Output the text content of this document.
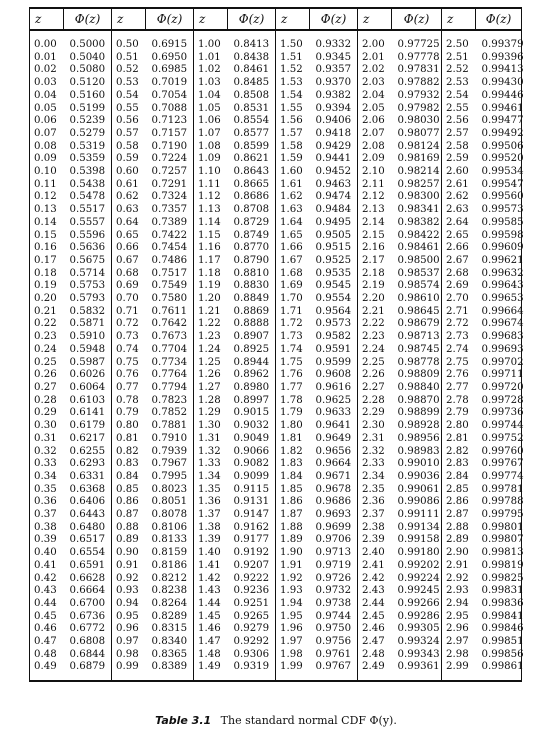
z	Φ(z)	z	Φ(z)	z	Φ(z)	z	Φ(z)	z	Φ(z)	z	Φ(z)
0.00	0.5000	0.50	0.6915	1.00	0.8413	1.50	0.9332	2.00	0.97725	2.50	0.99379
0.01	0.5040	0.51	0.6950	1.01	0.8438	1.51	0.9345	2.01	0.97778	2.51	0.99396
0.02	0.5080	0.52	0.6985	1.02	0.8461	1.52	0.9357	2.02	0.97831	2.52	0.99413
0.03	0.5120	0.53	0.7019	1.03	0.8485	1.53	0.9370	2.03	0.97882	2.53	0.99430
0.04	0.5160	0.54	0.7054	1.04	0.8508	1.54	0.9382	2.04	0.97932	2.54	0.99446
0.05	0.5199	0.55	0.7088	1.05	0.8531	1.55	0.9394	2.05	0.97982	2.55	0.99461
0.06	0.5239	0.56	0.7123	1.06	0.8554	1.56	0.9406	2.06	0.98030	2.56	0.99477
0.07	0.5279	0.57	0.7157	1.07	0.8577	1.57	0.9418	2.07	0.98077	2.57	0.99492
0.08	0.5319	0.58	0.7190	1.08	0.8599	1.58	0.9429	2.08	0.98124	2.58	0.99506
0.09	0.5359	0.59	0.7224	1.09	0.8621	1.59	0.9441	2.09	0.98169	2.59	0.99520
0.10	0.5398	0.60	0.7257	1.10	0.8643	1.60	0.9452	2.10	0.98214	2.60	0.99534
0.11	0.5438	0.61	0.7291	1.11	0.8665	1.61	0.9463	2.11	0.98257	2.61	0.99547
0.12	0.5478	0.62	0.7324	1.12	0.8686	1.62	0.9474	2.12	0.98300	2.62	0.99560
0.13	0.5517	0.63	0.7357	1.13	0.8708	1.63	0.9484	2.13	0.98341	2.63	0.99573
0.14	0.5557	0.64	0.7389	1.14	0.8729	1.64	0.9495	2.14	0.98382	2.64	0.99585
0.15	0.5596	0.65	0.7422	1.15	0.8749	1.65	0.9505	2.15	0.98422	2.65	0.99598
0.16	0.5636	0.66	0.7454	1.16	0.8770	1.66	0.9515	2.16	0.98461	2.66	0.99609
0.17	0.5675	0.67	0.7486	1.17	0.8790	1.67	0.9525	2.17	0.98500	2.67	0.99621
0.18	0.5714	0.68	0.7517	1.18	0.8810	1.68	0.9535	2.18	0.98537	2.68	0.99632
0.19	0.5753	0.69	0.7549	1.19	0.8830	1.69	0.9545	2.19	0.98574	2.69	0.99643
0.20	0.5793	0.70	0.7580	1.20	0.8849	1.70	0.9554	2.20	0.98610	2.70	0.99653
0.21	0.5832	0.71	0.7611	1.21	0.8869	1.71	0.9564	2.21	0.98645	2.71	0.99664
0.22	0.5871	0.72	0.7642	1.22	0.8888	1.72	0.9573	2.22	0.98679	2.72	0.99674
0.23	0.5910	0.73	0.7673	1.23	0.8907	1.73	0.9582	2.23	0.98713	2.73	0.99683
0.24	0.5948	0.74	0.7704	1.24	0.8925	1.74	0.9591	2.24	0.98745	2.74	0.99693
0.25	0.5987	0.75	0.7734	1.25	0.8944	1.75	0.9599	2.25	0.98778	2.75	0.99702
0.26	0.6026	0.76	0.7764	1.26	0.8962	1.76	0.9608	2.26	0.98809	2.76	0.99711
0.27	0.6064	0.77	0.7794	1.27	0.8980	1.77	0.9616	2.27	0.98840	2.77	0.99720
0.28	0.6103	0.78	0.7823	1.28	0.8997	1.78	0.9625	2.28	0.98870	2.78	0.99728
0.29	0.6141	0.79	0.7852	1.29	0.9015	1.79	0.9633	2.29	0.98899	2.79	0.99736
0.30	0.6179	0.80	0.7881	1.30	0.9032	1.80	0.9641	2.30	0.98928	2.80	0.99744
0.31	0.6217	0.81	0.7910	1.31	0.9049	1.81	0.9649	2.31	0.98956	2.81	0.99752
0.32	0.6255	0.82	0.7939	1.32	0.9066	1.82	0.9656	2.32	0.98983	2.82	0.99760
0.33	0.6293	0.83	0.7967	1.33	0.9082	1.83	0.9664	2.33	0.99010	2.83	0.99767
0.34	0.6331	0.84	0.7995	1.34	0.9099	1.84	0.9671	2.34	0.99036	2.84	0.99774
0.35	0.6368	0.85	0.8023	1.35	0.9115	1.85	0.9678	2.35	0.99061	2.85	0.99781
0.36	0.6406	0.86	0.8051	1.36	0.9131	1.86	0.9686	2.36	0.99086	2.86	0.99788
0.37	0.6443	0.87	0.8078	1.37	0.9147	1.87	0.9693	2.37	0.99111	2.87	0.99795
0.38	0.6480	0.88	0.8106	1.38	0.9162	1.88	0.9699	2.38	0.99134	2.88	0.99801
0.39	0.6517	0.89	0.8133	1.39	0.9177	1.89	0.9706	2.39	0.99158	2.89	0.99807
0.40	0.6554	0.90	0.8159	1.40	0.9192	1.90	0.9713	2.40	0.99180	2.90	0.99813
0.41	0.6591	0.91	0.8186	1.41	0.9207	1.91	0.9719	2.41	0.99202	2.91	0.99819
0.42	0.6628	0.92	0.8212	1.42	0.9222	1.92	0.9726	2.42	0.99224	2.92	0.99825
0.43	0.6664	0.93	0.8238	1.43	0.9236	1.93	0.9732	2.43	0.99245	2.93	0.99831
0.44	0.6700	0.94	0.8264	1.44	0.9251	1.94	0.9738	2.44	0.99266	2.94	0.99836
0.45	0.6736	0.95	0.8289	1.45	0.9265	1.95	0.9744	2.45	0.99286	2.95	0.99841
0.46	0.6772	0.96	0.8315	1.46	0.9279	1.96	0.9750	2.46	0.99305	2.96	0.99846
0.47	0.6808	0.97	0.8340	1.47	0.9292	1.97	0.9756	2.47	0.99324	2.97	0.99851
0.48	0.6844	0.98	0.8365	1.48	0.9306	1.98	0.9761	2.48	0.99343	2.98	0.99856
0.49	0.6879	0.99	0.8389	1.49	0.9319	1.99	0.9767	2.49	0.99361	2.99	0.99861
Table 3.1 The standard normal CDF Φ(y).
